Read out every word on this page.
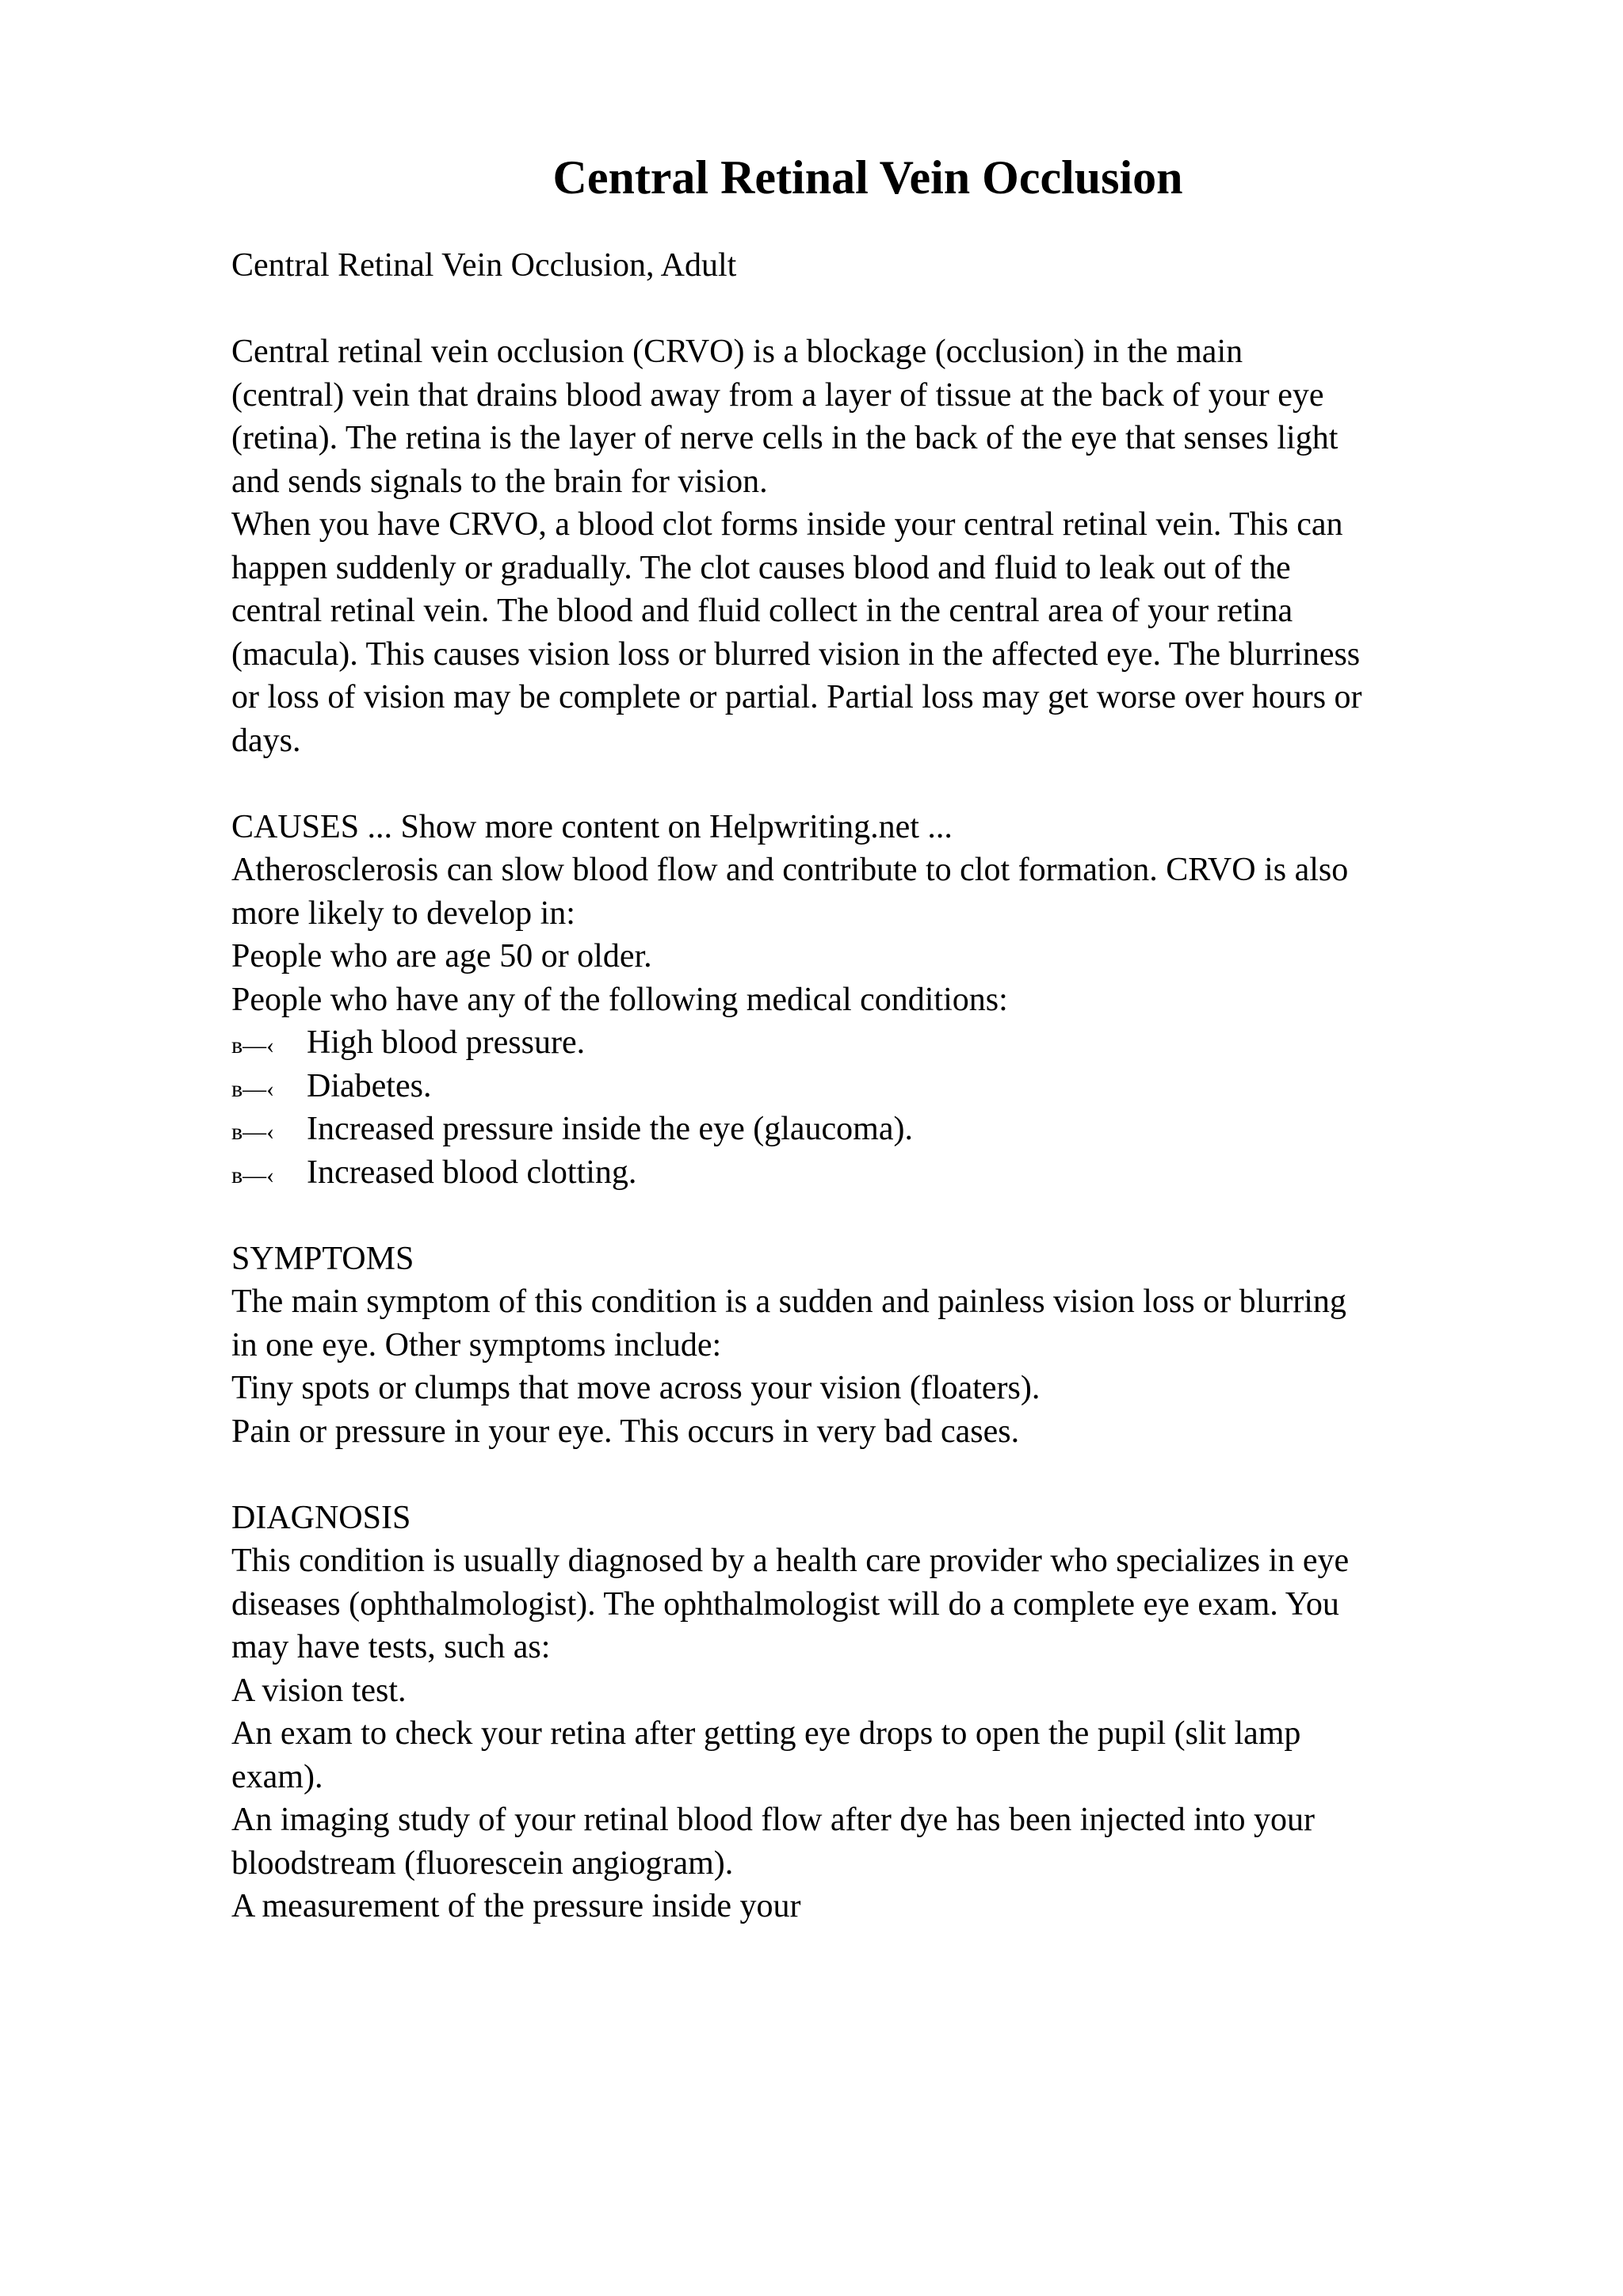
Central Retinal Vein Occlusion
Central Retinal Vein Occlusion, Adult
Central retinal vein occlusion (CRVO) is a blockage (occlusion) in the main
(central) vein that drains blood away from a layer of tissue at the back of your eye
(retina). The retina is the layer of nerve cells in the back of the eye that senses light
and sends signals to the brain for vision.
When you have CRVO, a blood clot forms inside your central retinal vein. This can
happen suddenly or gradually. The clot causes blood and fluid to leak out of the
central retinal vein. The blood and fluid collect in the central area of your retina
(macula). This causes vision loss or blurred vision in the affected eye. The blurriness
or loss of vision may be complete or partial. Partial loss may get worse over hours or
days.
CAUSES ... Show more content on Helpwriting.net ...
Atherosclerosis can slow blood flow and contribute to clot formation. CRVO is also
more likely to develop in:
People who are age 50 or older.
People who have any of the following medical conditions:
в—‹ High blood pressure.
в—‹ Diabetes.
в—‹ Increased pressure inside the eye (glaucoma).
в—‹ Increased blood clotting.
SYMPTOMS
The main symptom of this condition is a sudden and painless vision loss or blurring
in one eye. Other symptoms include:
Tiny spots or clumps that move across your vision (floaters).
Pain or pressure in your eye. This occurs in very bad cases.
DIAGNOSIS
This condition is usually diagnosed by a health care provider who specializes in eye
diseases (ophthalmologist). The ophthalmologist will do a complete eye exam. You
may have tests, such as:
A vision test.
An exam to check your retina after getting eye drops to open the pupil (slit lamp
exam).
An imaging study of your retinal blood flow after dye has been injected into your
bloodstream (fluorescein angiogram).
A measurement of the pressure inside your
